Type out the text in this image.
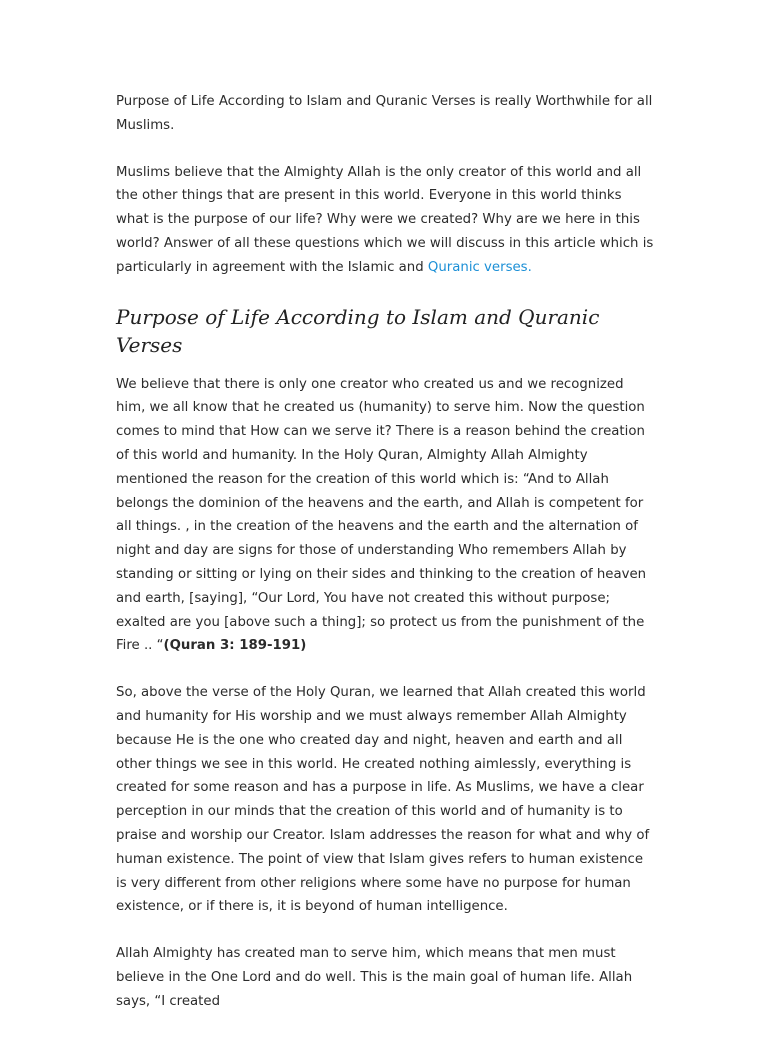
Purpose of Life According to Islam and Quranic Verses is really Worthwhile for all Muslims.

Muslims believe that the Almighty Allah is the only creator of this world and all the other things that are present in this world. Everyone in this world thinks what is the purpose of our life? Why were we created? Why are we here in this world? Answer of all these questions which we will discuss in this article which is particularly in agreement with the Islamic and Quranic verses.

Purpose of Life According to Islam and Quranic Verses

We believe that there is only one creator who created us and we recognized him, we all know that he created us (humanity) to serve him. Now the question comes to mind that How can we serve it? There is a reason behind the creation of this world and humanity. In the Holy Quran, Almighty Allah Almighty mentioned the reason for the creation of this world which is: “And to Allah belongs the dominion of the heavens and the earth, and Allah is competent for all things. , in the creation of the heavens and the earth and the alternation of night and day are signs for those of understanding Who remembers Allah by standing or sitting or lying on their sides and thinking to the creation of heaven and earth, [saying], “Our Lord, You have not created this without purpose; exalted are you [above such a thing]; so protect us from the punishment of the Fire .. “(Quran 3: 189-191)

So, above the verse of the Holy Quran, we learned that Allah created this world and humanity for His worship and we must always remember Allah Almighty because He is the one who created day and night, heaven and earth and all other things we see in this world. He created nothing aimlessly, everything is created for some reason and has a purpose in life. As Muslims, we have a clear perception in our minds that the creation of this world and of humanity is to praise and worship our Creator. Islam addresses the reason for what and why of human existence. The point of view that Islam gives refers to human existence is very different from other religions where some have no purpose for human existence, or if there is, it is beyond of human intelligence.

Allah Almighty has created man to serve him, which means that men must believe in the One Lord and do well. This is the main goal of human life. Allah says, “I created
